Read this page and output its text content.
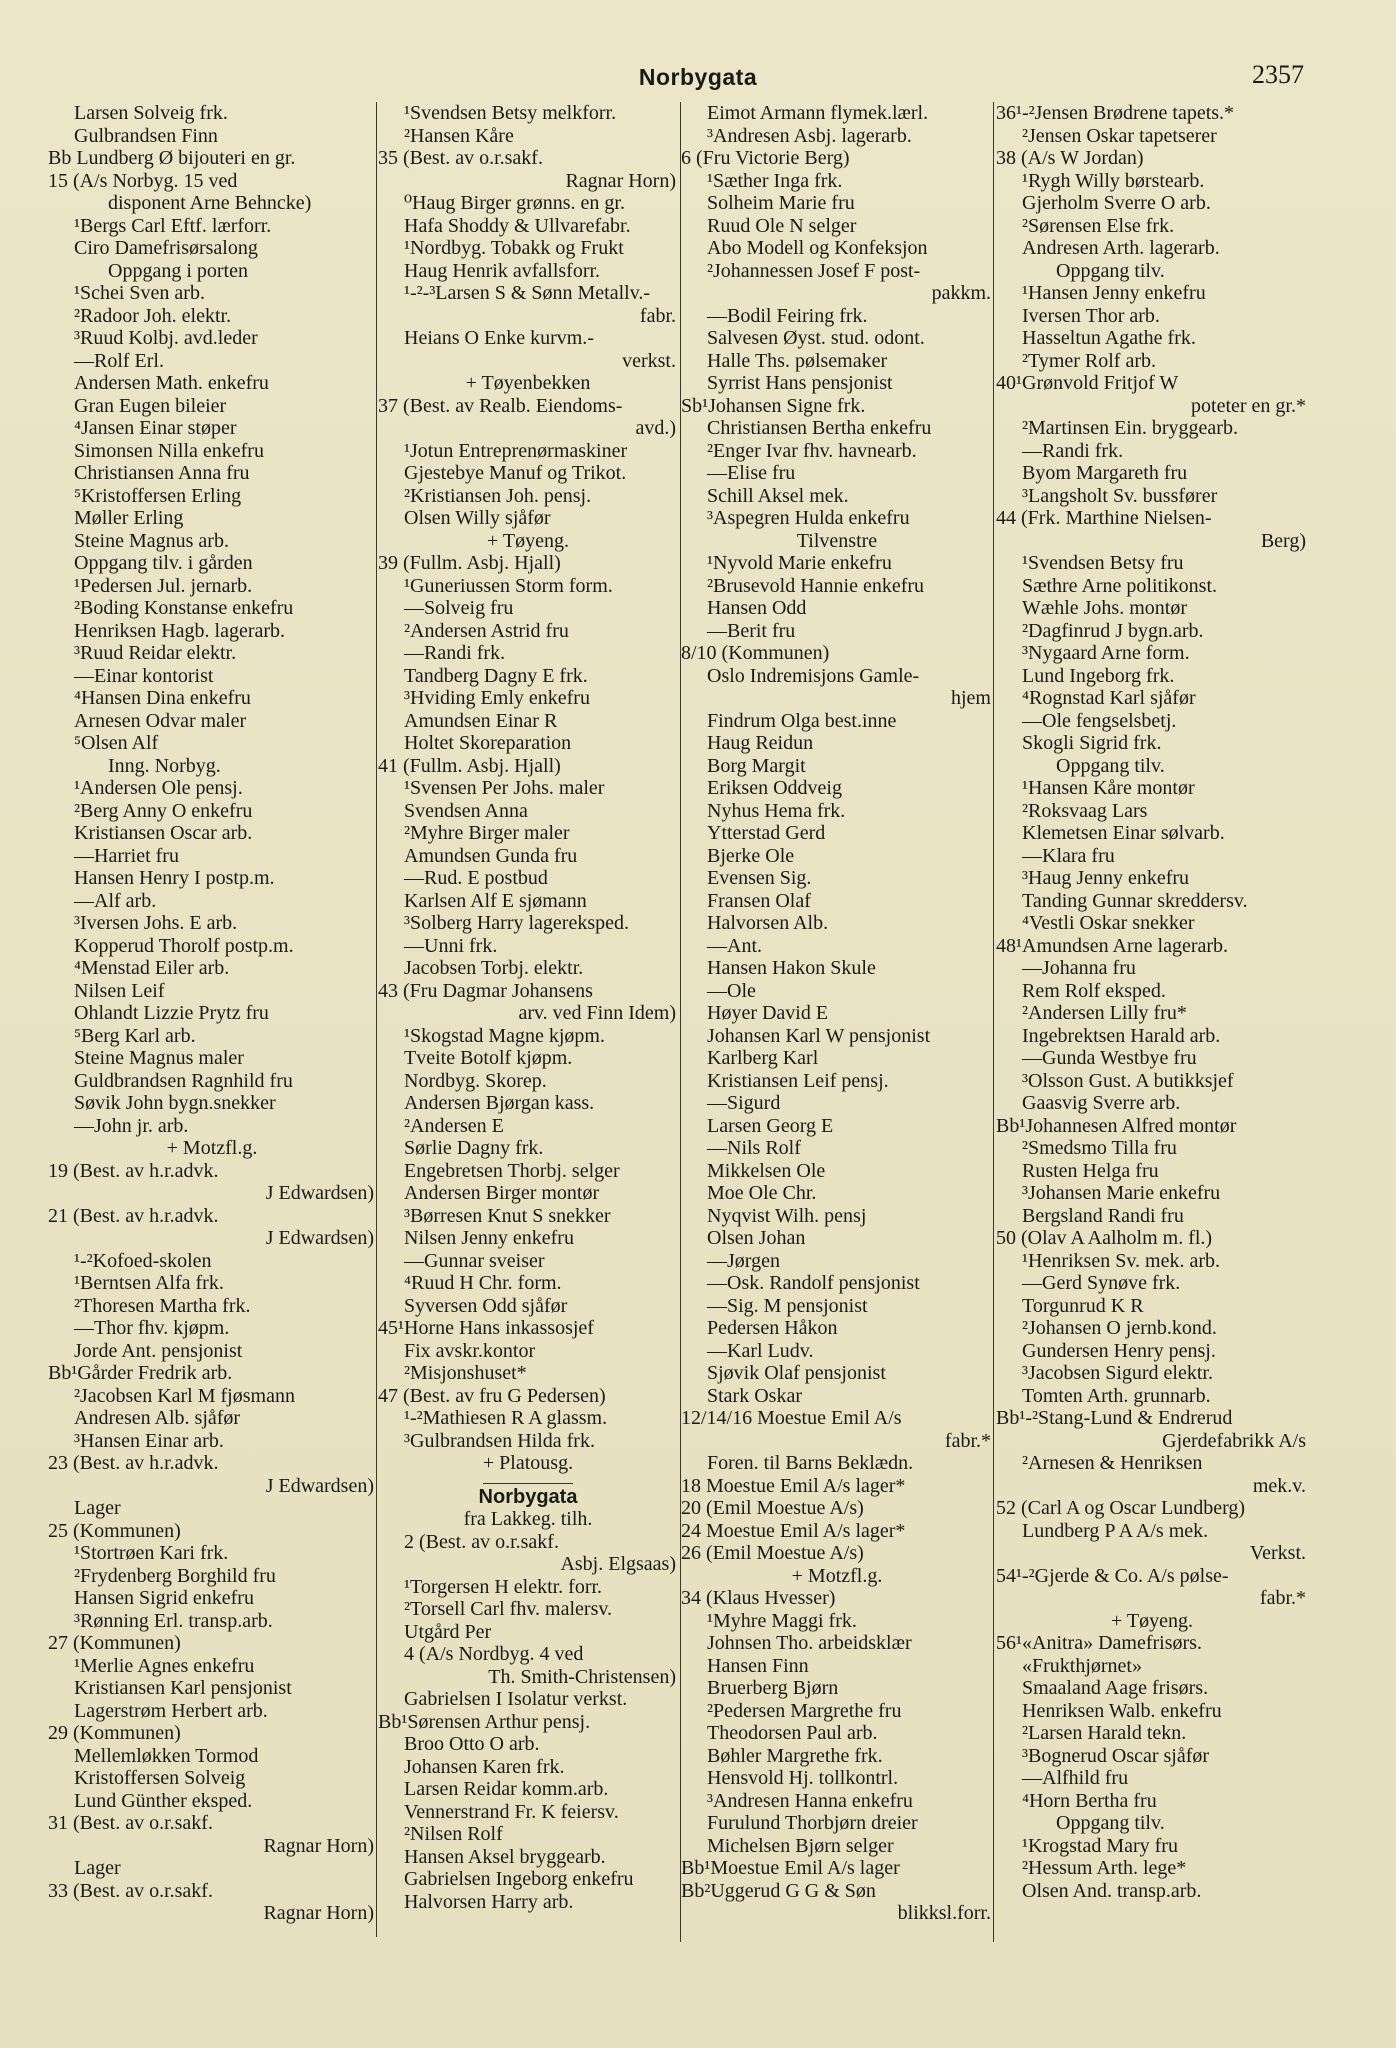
Norbygata	2357
Larsen Solveig frk.
Gulbrandsen Finn
Bb Lundberg Ø bijouteri en gr.
15 (A/s Norbyg. 15 ved
disponent Arne Behncke)
¹Bergs Carl Eftf. lærforr.
Ciro Damefrisørsalong
Oppgang i porten
¹Schei Sven arb.
²Radoor Joh. elektr.
³Ruud Kolbj. avd.leder
—Rolf Erl.
Andersen Math. enkefru
Gran Eugen bileier
⁴Jansen Einar støper
Simonsen Nilla enkefru
Christiansen Anna fru
⁵Kristoffersen Erling
Møller Erling
Steine Magnus arb.
Oppgang tilv. i gården
¹Pedersen Jul. jernarb.
²Boding Konstanse enkefru
Henriksen Hagb. lagerarb.
³Ruud Reidar elektr.
—Einar kontorist
⁴Hansen Dina enkefru
Arnesen Odvar maler
⁵Olsen Alf
Inng. Norbyg.
¹Andersen Ole pensj.
²Berg Anny O enkefru
Kristiansen Oscar arb.
—Harriet fru
Hansen Henry I postp.m.
—Alf arb.
³Iversen Johs. E arb.
Kopperud Thorolf postp.m.
⁴Menstad Eiler arb.
Nilsen Leif
Ohlandt Lizzie Prytz fru
⁵Berg Karl arb.
Steine Magnus maler
Guldbrandsen Ragnhild fru
Søvik John bygn.snekker
—John jr. arb.
+ Motzfl.g.
19 (Best. av h.r.advk.
J Edwardsen)
21 (Best. av h.r.advk.
J Edwardsen)
¹-²Kofoed-skolen
¹Berntsen Alfa frk.
²Thoresen Martha frk.
—Thor fhv. kjøpm.
Jorde Ant. pensjonist
Bb¹Gårder Fredrik arb.
²Jacobsen Karl M fjøsmann
Andresen Alb. sjåfør
³Hansen Einar arb.
23 (Best. av h.r.advk.
J Edwardsen)
Lager
25 (Kommunen)
¹Stortrøen Kari frk.
²Frydenberg Borghild fru
Hansen Sigrid enkefru
³Rønning Erl. transp.arb.
27 (Kommunen)
¹Merlie Agnes enkefru
Kristiansen Karl pensjonist
Lagerstrøm Herbert arb.
29 (Kommunen)
Mellemløkken Tormod
Kristoffersen Solveig
Lund Günther eksped.
31 (Best. av o.r.sakf.
Ragnar Horn)
Lager
33 (Best. av o.r.sakf.
Ragnar Horn)
¹Svendsen Betsy melkforr.
²Hansen Kåre
35 (Best. av o.r.sakf.
Ragnar Horn)
⁰Haug Birger grønns. en gr.
Hafa Shoddy & Ullvarefabr.
¹Nordbyg. Tobakk og Frukt
Haug Henrik avfallsforr.
¹-²-³Larsen S & Sønn Metallv.-
fabr.
Heians O Enke kurvm.-
verkst.
+ Tøyenbekken
37 (Best. av Realb. Eiendoms-
avd.)
¹Jotun Entreprenørmaskiner
Gjestebye Manuf og Trikot.
²Kristiansen Joh. pensj.
Olsen Willy sjåfør
+ Tøyeng.
39 (Fullm. Asbj. Hjall)
¹Guneriussen Storm form.
—Solveig fru
²Andersen Astrid fru
—Randi frk.
Tandberg Dagny E frk.
³Hviding Emly enkefru
Amundsen Einar R
Holtet Skoreparation
41 (Fullm. Asbj. Hjall)
¹Svensen Per Johs. maler
Svendsen Anna
²Myhre Birger maler
Amundsen Gunda fru
—Rud. E postbud
Karlsen Alf E sjømann
³Solberg Harry lagereksped.
—Unni frk.
Jacobsen Torbj. elektr.
43 (Fru Dagmar Johansens
arv. ved Finn Idem)
¹Skogstad Magne kjøpm.
Tveite Botolf kjøpm.
Nordbyg. Skorep.
Andersen Bjørgan kass.
²Andersen E
Sørlie Dagny frk.
Engebretsen Thorbj. selger
Andersen Birger montør
³Børresen Knut S snekker
Nilsen Jenny enkefru
—Gunnar sveiser
⁴Ruud H Chr. form.
Syversen Odd sjåfør
45¹Horne Hans inkassosjef
Fix avskr.kontor
²Misjonshuset*
47 (Best. av fru G Pedersen)
¹-²Mathiesen R A glassm.
³Gulbrandsen Hilda frk.
+ Platousg.
Norbygata
fra Lakkeg. tilh.
2 (Best. av o.r.sakf.
Asbj. Elgsaas)
¹Torgersen H elektr. forr.
²Torsell Carl fhv. malersv.
Utgård Per
4 (A/s Nordbyg. 4 ved
Th. Smith-Christensen)
Gabrielsen I Isolatur verkst.
Bb¹Sørensen Arthur pensj.
Broo Otto O arb.
Johansen Karen frk.
Larsen Reidar komm.arb.
Vennerstrand Fr. K feiersv.
²Nilsen Rolf
Hansen Aksel bryggearb.
Gabrielsen Ingeborg enkefru
Halvorsen Harry arb.
Eimot Armann flymek.lærl.
³Andresen Asbj. lagerarb.
6 (Fru Victorie Berg)
¹Sæther Inga frk.
Solheim Marie fru
Ruud Ole N selger
Abo Modell og Konfeksjon
²Johannessen Josef F post-
pakkm.
—Bodil Feiring frk.
Salvesen Øyst. stud. odont.
Halle Ths. pølsemaker
Syrrist Hans pensjonist
Sb¹Johansen Signe frk.
Christiansen Bertha enkefru
²Enger Ivar fhv. havnearb.
—Elise fru
Schill Aksel mek.
³Aspegren Hulda enkefru
Tilvenstre
¹Nyvold Marie enkefru
²Brusevold Hannie enkefru
Hansen Odd
—Berit fru
8/10 (Kommunen)
Oslo Indremisjons Gamle-
hjem
Findrum Olga best.inne
Haug Reidun
Borg Margit
Eriksen Oddveig
Nyhus Hema frk.
Ytterstad Gerd
Bjerke Ole
Evensen Sig.
Fransen Olaf
Halvorsen Alb.
—Ant.
Hansen Hakon Skule
—Ole
Høyer David E
Johansen Karl W pensjonist
Karlberg Karl
Kristiansen Leif pensj.
—Sigurd
Larsen Georg E
—Nils Rolf
Mikkelsen Ole
Moe Ole Chr.
Nyqvist Wilh. pensj
Olsen Johan
—Jørgen
—Osk. Randolf pensjonist
—Sig. M pensjonist
Pedersen Håkon
—Karl Ludv.
Sjøvik Olaf pensjonist
Stark Oskar
12/14/16 Moestue Emil A/s
fabr.*
Foren. til Barns Beklædn.
18 Moestue Emil A/s lager*
20 (Emil Moestue A/s)
24 Moestue Emil A/s lager*
26 (Emil Moestue A/s)
+ Motzfl.g.
34 (Klaus Hvesser)
¹Myhre Maggi frk.
Johnsen Tho. arbeidsklær
Hansen Finn
Bruerberg Bjørn
²Pedersen Margrethe fru
Theodorsen Paul arb.
Bøhler Margrethe frk.
Hensvold Hj. tollkontrl.
³Andresen Hanna enkefru
Furulund Thorbjørn dreier
Michelsen Bjørn selger
Bb¹Moestue Emil A/s lager
Bb²Uggerud G G & Søn
blikksl.forr.
36¹-²Jensen Brødrene tapets.*
²Jensen Oskar tapetserer
38 (A/s W Jordan)
¹Rygh Willy børstearb.
Gjerholm Sverre O arb.
²Sørensen Else frk.
Andresen Arth. lagerarb.
Oppgang tilv.
¹Hansen Jenny enkefru
Iversen Thor arb.
Hasseltun Agathe frk.
²Tymer Rolf arb.
40¹Grønvold Fritjof W
poteter en gr.*
²Martinsen Ein. bryggearb.
—Randi frk.
Byom Margareth fru
³Langsholt Sv. bussfører
44 (Frk. Marthine Nielsen-
Berg)
¹Svendsen Betsy fru
Sæthre Arne politikonst.
Wæhle Johs. montør
²Dagfinrud J bygn.arb.
³Nygaard Arne form.
Lund Ingeborg frk.
⁴Rognstad Karl sjåfør
—Ole fengselsbetj.
Skogli Sigrid frk.
Oppgang tilv.
¹Hansen Kåre montør
²Roksvaag Lars
Klemetsen Einar sølvarb.
—Klara fru
³Haug Jenny enkefru
Tanding Gunnar skreddersv.
⁴Vestli Oskar snekker
48¹Amundsen Arne lagerarb.
—Johanna fru
Rem Rolf eksped.
²Andersen Lilly fru*
Ingebrektsen Harald arb.
—Gunda Westbye fru
³Olsson Gust. A butikksjef
Gaasvig Sverre arb.
Bb¹Johannesen Alfred montør
²Smedsmo Tilla fru
Rusten Helga fru
³Johansen Marie enkefru
Bergsland Randi fru
50 (Olav A Aalholm m. fl.)
¹Henriksen Sv. mek. arb.
—Gerd Synøve frk.
Torgunrud K R
²Johansen O jernb.kond.
Gundersen Henry pensj.
³Jacobsen Sigurd elektr.
Tomten Arth. grunnarb.
Bb¹-²Stang-Lund & Endrerud
Gjerdefabrikk A/s
²Arnesen & Henriksen
mek.v.
52 (Carl A og Oscar Lundberg)
Lundberg P A A/s mek.
Verkst.
54¹-²Gjerde & Co. A/s pølse-
fabr.*
+ Tøyeng.
56¹«Anitra» Damefrisørs.
«Frukthjørnet»
Smaaland Aage frisørs.
Henriksen Walb. enkefru
²Larsen Harald tekn.
³Bognerud Oscar sjåfør
—Alfhild fru
⁴Horn Bertha fru
Oppgang tilv.
¹Krogstad Mary fru
²Hessum Arth. lege*
Olsen And. transp.arb.
